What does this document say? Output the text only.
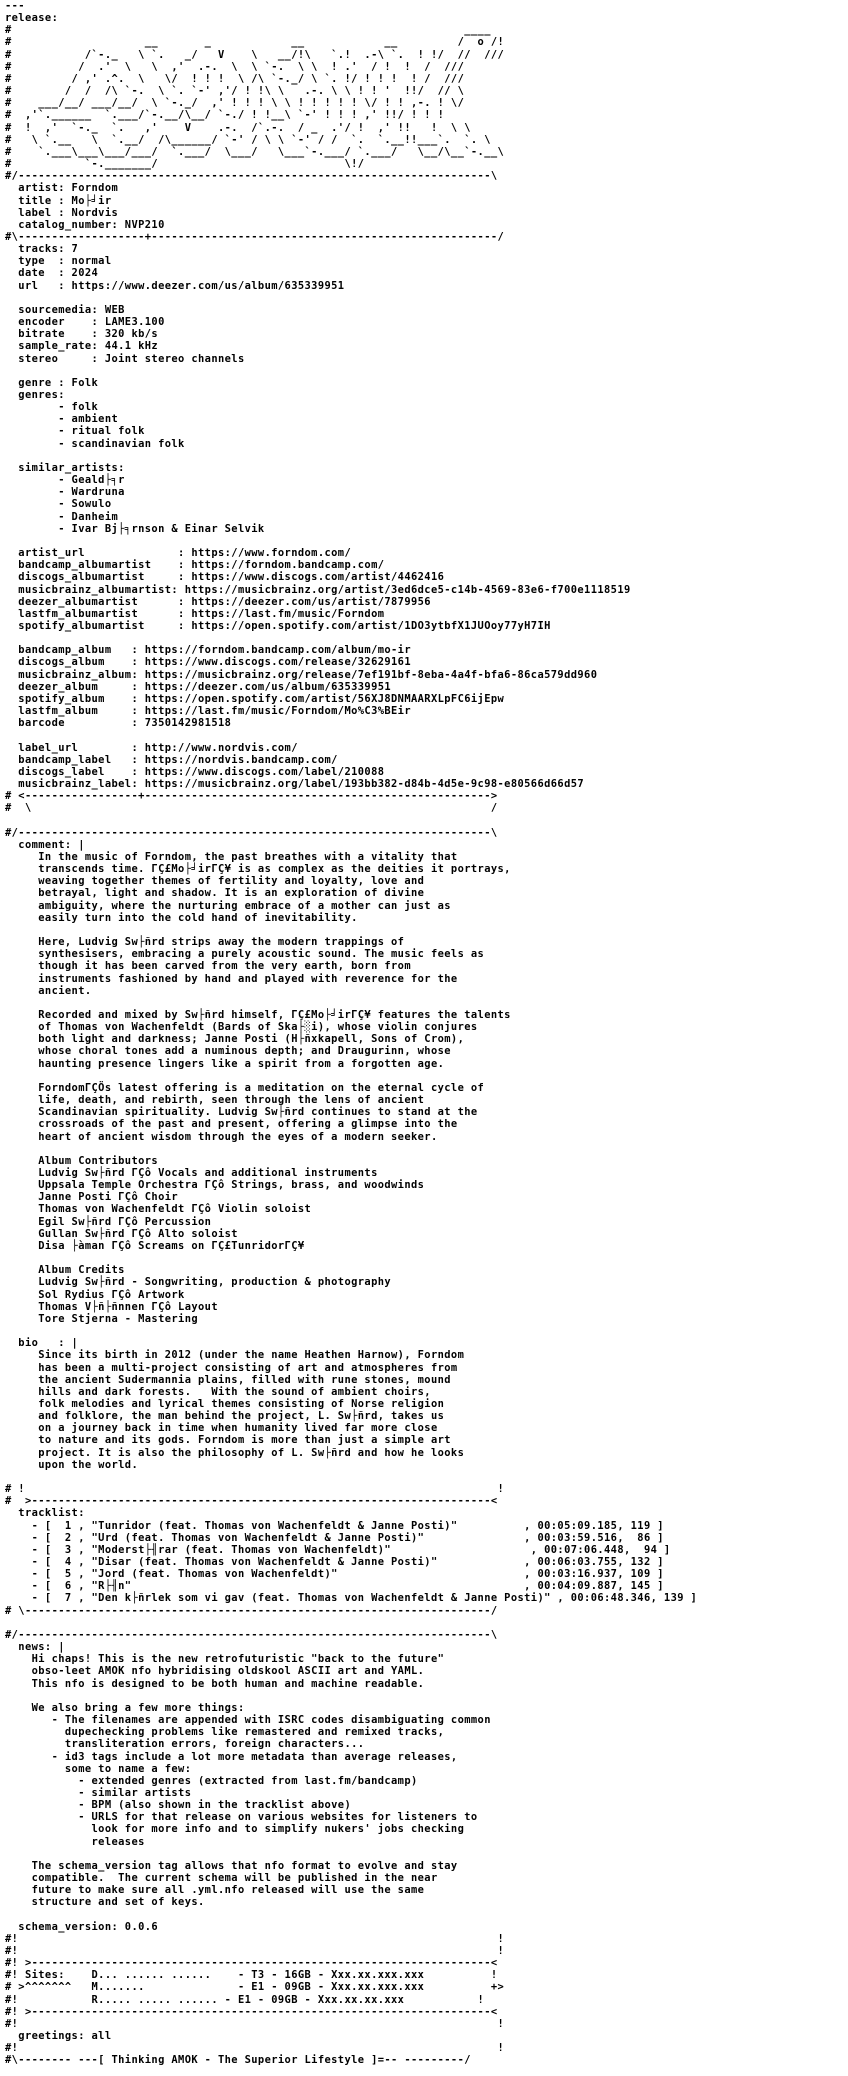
---
release:
#                                                                    ____
#                    __       _            __            __         /  o /!
#           /`-._   \ `.   _/   V    \   __/!\   `.!  .-\ `.  ! !/  //  ///
#          /  .'  \   \  ,'  .-.  \  \ `-.  \ \  ! .'  / !  !  /  ///
#         / ,' .^.  \   \/  ! ! !  \ /\ `-._/ \ `. !/ ! ! !  ! /  ///
#        /  /  /\ `-.  \ `. `-' ,'/ ! !\ \   .-. \ \ ! ! '  !!/  // \
#    ___/__/ ___/__/  \ `-._/  ,' ! ! ! \ \ ! ! ! ! ! \/ ! ! ,-. ! \/
#  ,'`.______  `.___/`-.__/\__/ `-./ ! !__\ `-' ! ! ! ,' !!/ ! ! !
#  !  ,'  `-._  `.   ,'    V    .-.  /`.-.  / _  .'/ !  ,' !!   !  \ \
#   \ `.__   \  `.__/  /\______/ `-' / \ \ `-' / /  `.  `.__!!___`.  `. \
#    `.___\___\___/___/  `.___/  \___/   \___`-.___/ `.___/   \__/\__`-.__\
#           `-._______/                            \!/
#/-----------------------------------------------------------------------\
artist: Forndom
title : Mo├╛ir
label : Nordvis
catalog_number: NVP210
#\-------------------+----------------------------------------------------/
tracks: 7
type  : normal
date  : 2024
url   : https://www.deezer.com/us/album/635339951

sourcemedia: WEB
encoder    : LAME3.100
bitrate    : 320 kb/s
sample_rate: 44.1 kHz
stereo     : Joint stereo channels

genre : Folk
genres:
- folk
- ambient
- ritual folk
- scandinavian folk

similar_artists:
- Geald├╕r
- Wardruna
- Sowulo
- Danheim
- Ivar Bj├╕rnson & Einar Selvik

artist_url              : https://www.forndom.com/
bandcamp_albumartist    : https://forndom.bandcamp.com/
discogs_albumartist     : https://www.discogs.com/artist/4462416
musicbrainz_albumartist: https://musicbrainz.org/artist/3ed6dce5-c14b-4569-83e6-f700e1118519
deezer_albumartist      : https://deezer.com/us/artist/7879956
lastfm_albumartist      : https://last.fm/music/Forndom
spotify_albumartist     : https://open.spotify.com/artist/1DO3ytbfX1JUOoy77yH7IH

bandcamp_album   : https://forndom.bandcamp.com/album/mo-ir
discogs_album    : https://www.discogs.com/release/32629161
musicbrainz_album: https://musicbrainz.org/release/7ef191bf-8eba-4a4f-bfa6-86ca579dd960
deezer_album     : https://deezer.com/us/album/635339951
spotify_album    : https://open.spotify.com/artist/56XJ8DNMAARXLpFC6ijEpw
lastfm_album     : https://last.fm/music/Forndom/Mo%C3%BEir
barcode          : 7350142981518

label_url        : http://www.nordvis.com/
bandcamp_label   : https://nordvis.bandcamp.com/
discogs_label    : https://www.discogs.com/label/210088
musicbrainz_label: https://musicbrainz.org/label/193bb382-d84b-4d5e-9c98-e80566d66d57
# <-----------------+---------------------------------------------------->
#  \                                                                     /

#/-----------------------------------------------------------------------\
comment: |
In the music of Forndom, the past breathes with a vitality that
transcends time. ΓÇ£Mo├╛irΓÇ¥ is as complex as the deities it portrays,
weaving together themes of fertility and loyalty, love and
betrayal, light and shadow. It is an exploration of divine
ambiguity, where the nurturing embrace of a mother can just as
easily turn into the cold hand of inevitability.

Here, Ludvig Sw├ñrd strips away the modern trappings of
synthesisers, embracing a purely acoustic sound. The music feels as
though it has been carved from the very earth, born from
instruments fashioned by hand and played with reverence for the
ancient.

Recorded and mixed by Sw├ñrd himself, ΓÇ£Mo├╛irΓÇ¥ features the talents
of Thomas von Wachenfeldt (Bards of Ska├░i), whose violin conjures
both light and darkness; Janne Posti (H├ñxkapell, Sons of Crom),
whose choral tones add a numinous depth; and Draugurinn, whose
haunting presence lingers like a spirit from a forgotten age.

ForndomΓÇÖs latest offering is a meditation on the eternal cycle of
life, death, and rebirth, seen through the lens of ancient
Scandinavian spirituality. Ludvig Sw├ñrd continues to stand at the
crossroads of the past and present, offering a glimpse into the
heart of ancient wisdom through the eyes of a modern seeker.

Album Contributors
Ludvig Sw├ñrd ΓÇô Vocals and additional instruments
Uppsala Temple Orchestra ΓÇô Strings, brass, and woodwinds
Janne Posti ΓÇô Choir
Thomas von Wachenfeldt ΓÇô Violin soloist
Egil Sw├ñrd ΓÇô Percussion
Gullan Sw├ñrd ΓÇô Alto soloist
Disa ├àman ΓÇô Screams on ΓÇ£TunridorΓÇ¥

Album Credits
Ludvig Sw├ñrd - Songwriting, production & photography
Sol Rydius ΓÇô Artwork
Thomas V├ñ├ñnnen ΓÇô Layout
Tore Stjerna - Mastering

bio   : |
Since its birth in 2012 (under the name Heathen Harnow), Forndom
has been a multi-project consisting of art and atmospheres from
the ancient Sudermannia plains, filled with rune stones, mound
hills and dark forests.   With the sound of ambient choirs,
folk melodies and lyrical themes consisting of Norse religion
and folklore, the man behind the project, L. Sw├ñrd, takes us
on a journey back in time when humanity lived far more close
to nature and its gods. Forndom is more than just a simple art
project. It is also the philosophy of L. Sw├ñrd and how he looks
upon the world.

# !                                                                       !
#  >---------------------------------------------------------------------<
tracklist:
- [  1 , "Tunridor (feat. Thomas von Wachenfeldt & Janne Posti)"          , 00:05:09.185, 119 ]
- [  2 , "Urd (feat. Thomas von Wachenfeldt & Janne Posti)"               , 00:03:59.516,  86 ]
- [  3 , "Moderst├╢rar (feat. Thomas von Wachenfeldt)"                     , 00:07:06.448,  94 ]
- [  4 , "Disar (feat. Thomas von Wachenfeldt & Janne Posti)"             , 00:06:03.755, 132 ]
- [  5 , "Jord (feat. Thomas von Wachenfeldt)"                            , 00:03:16.937, 109 ]
- [  6 , "R├╢n"                                                           , 00:04:09.887, 145 ]
- [  7 , "Den k├ñrlek som vi gav (feat. Thomas von Wachenfeldt & Janne Posti)" , 00:06:48.346, 139 ]
# \----------------------------------------------------------------------/

#/-----------------------------------------------------------------------\
news: |
Hi chaps! This is the new retrofuturistic "back to the future"
obso-leet AMOK nfo hybridising oldskool ASCII art and YAML.
This nfo is designed to be both human and machine readable.

We also bring a few more things:
- The filenames are appended with ISRC codes disambiguating common
dupechecking problems like remastered and remixed tracks,
transliteration errors, foreign characters...
- id3 tags include a lot more metadata than average releases,
some to name a few:
- extended genres (extracted from last.fm/bandcamp)
- similar artists
- BPM (also shown in the tracklist above)
- URLS for that release on various websites for listeners to
look for more info and to simplify nukers' jobs checking
releases

The schema_version tag allows that nfo format to evolve and stay
compatible.  The current schema will be published in the near
future to make sure all .yml.nfo released will use the same
structure and set of keys.

schema_version: 0.0.6
#!                                                                        !
#!                                                                        !
#! >---------------------------------------------------------------------<
#! Sites:    D... ...... ......    - T3 - 16GB - Xxx.xx.xxx.xxx          !
# >^^^^^^^   M.......              - E1 - 09GB - Xxx.xx.xxx.xxx          +>
#!           R..... ..... ...... - E1 - 09GB - Xxx.xx.xx.xxx           !
#! >---------------------------------------------------------------------<
#!                                                                        !
greetings: all
#!                                                                        !
#\-------- ---[ Thinking AMOK - The Superior Lifestyle ]=-- ---------/
